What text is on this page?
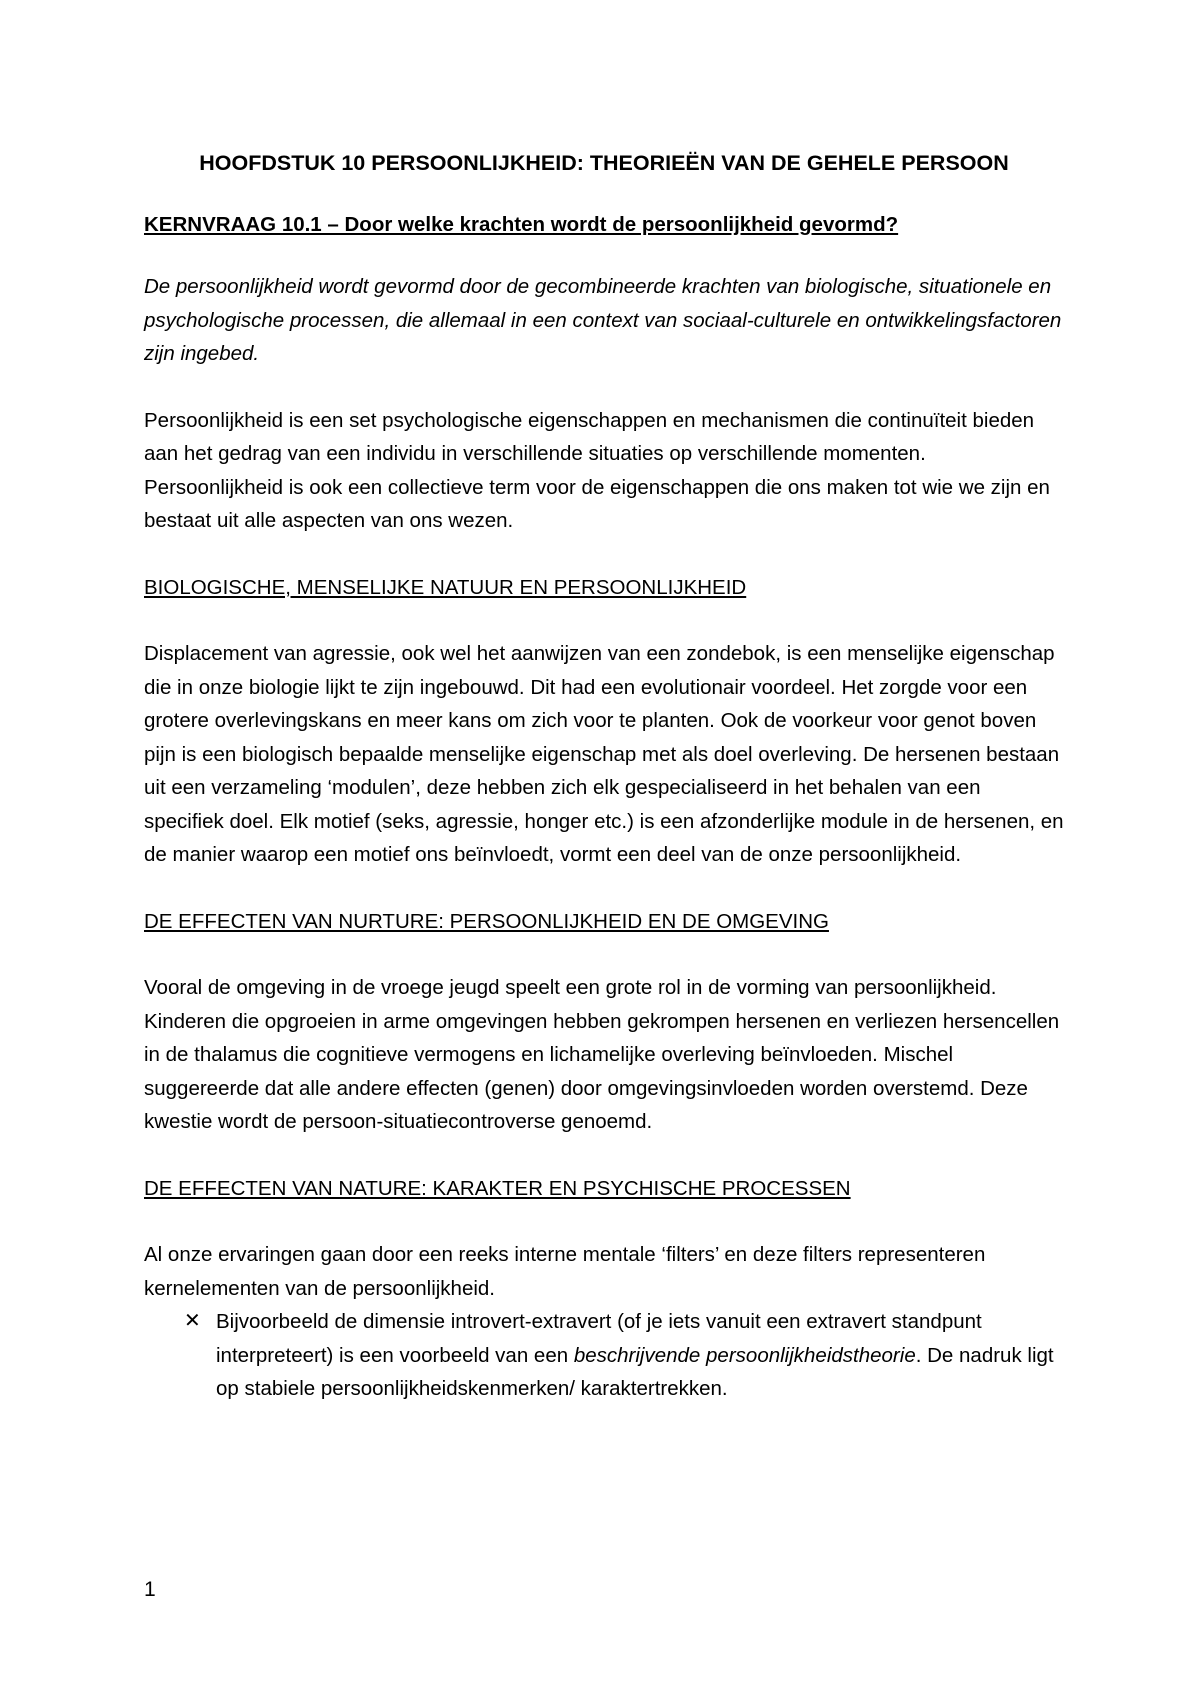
HOOFDSTUK 10 PERSOONLIJKHEID: THEORIEËN VAN DE GEHELE PERSOON
KERNVRAAG 10.1 – Door welke krachten wordt de persoonlijkheid gevormd?

De persoonlijkheid wordt gevormd door de gecombineerde krachten van biologische, situationele en psychologische processen, die allemaal in een context van sociaal-culturele en ontwikkelingsfactoren zijn ingebed.

Persoonlijkheid is een set psychologische eigenschappen en mechanismen die continuïteit bieden aan het gedrag van een individu in verschillende situaties op verschillende momenten. Persoonlijkheid is ook een collectieve term voor de eigenschappen die ons maken tot wie we zijn en bestaat uit alle aspecten van ons wezen.

BIOLOGISCHE, MENSELIJKE NATUUR EN PERSOONLIJKHEID

Displacement van agressie, ook wel het aanwijzen van een zondebok, is een menselijke eigenschap die in onze biologie lijkt te zijn ingebouwd. Dit had een evolutionair voordeel. Het zorgde voor een grotere overlevingskans en meer kans om zich voor te planten. Ook de voorkeur voor genot boven pijn is een biologisch bepaalde menselijke eigenschap met als doel overleving. De hersenen bestaan uit een verzameling ‘modulen’, deze hebben zich elk gespecialiseerd in het behalen van een specifiek doel. Elk motief (seks, agressie, honger etc.) is een afzonderlijke module in de hersenen, en de manier waarop een motief ons beïnvloedt, vormt een deel van de onze persoonlijkheid.

DE EFFECTEN VAN NURTURE: PERSOONLIJKHEID EN DE OMGEVING

Vooral de omgeving in de vroege jeugd speelt een grote rol in de vorming van persoonlijkheid. Kinderen die opgroeien in arme omgevingen hebben gekrompen hersenen en verliezen hersencellen in de thalamus die cognitieve vermogens en lichamelijke overleving beïnvloeden. Mischel suggereerde dat alle andere effecten (genen) door omgevingsinvloeden worden overstemd. Deze kwestie wordt de persoon-situatiecontroverse genoemd.

DE EFFECTEN VAN NATURE: KARAKTER EN PSYCHISCHE PROCESSEN

Al onze ervaringen gaan door een reeks interne mentale ‘filters’ en deze filters representeren kernelementen van de persoonlijkheid.

✕ Bijvoorbeeld de dimensie introvert-extravert (of je iets vanuit een extravert standpunt interpreteert) is een voorbeeld van een beschrijvende persoonlijkheidstheorie. De nadruk ligt op stabiele persoonlijkheidskenmerken/ karaktertrekken.
1
